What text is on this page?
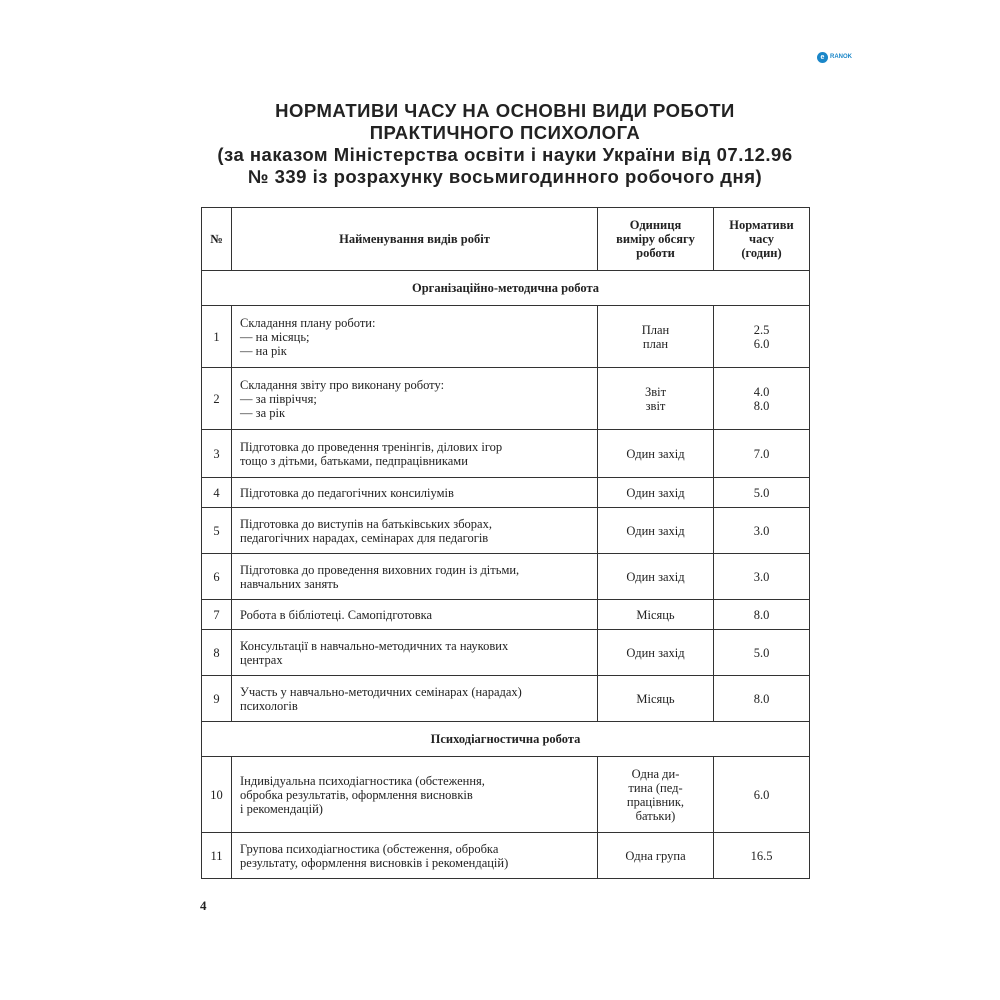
e RANOK
НОРМАТИВИ ЧАСУ НА ОСНОВНІ ВИДИ РОБОТИ
ПРАКТИЧНОГО ПСИХОЛОГА
(за наказом Міністерства освіти і науки України від 07.12.96
№ 339 із розрахунку восьмигодинного робочого дня)
№	Найменування видів робіт	Одиниця
виміру обсягу
роботи	Нормативи
часу
(годин)
Організаційно-методична робота			
1	Складання плану роботи:
— на місяць;
— на рік	План
план	2.5
6.0
2	Складання звіту про виконану роботу:
— за півріччя;
— за рік	Звіт
звіт	4.0
8.0
3	Підготовка до проведення тренінгів, ділових ігор
тощо з дітьми, батьками, педпрацівниками	Один захід	7.0
4	Підготовка до педагогічних консиліумів	Один захід	5.0
5	Підготовка до виступів на батьківських зборах,
педагогічних нарадах, семінарах для педагогів	Один захід	3.0
6	Підготовка до проведення виховних годин із дітьми,
навчальних занять	Один захід	3.0
7	Робота в бібліотеці. Самопідготовка	Місяць	8.0
8	Консультації в навчально-методичних та наукових
центрах	Один захід	5.0
9	Участь у навчально-методичних семінарах (нарадах)
психологів	Місяць	8.0
Психодіагностична робота			
10	Індивідуальна психодіагностика (обстеження,
обробка результатів, оформлення висновків
і рекомендацій)	Одна ди-
тина (пед-
працівник,
батьки)	6.0
11	Групова психодіагностика (обстеження, обробка
результату, оформлення висновків і рекомендацій)	Одна група	16.5
4
